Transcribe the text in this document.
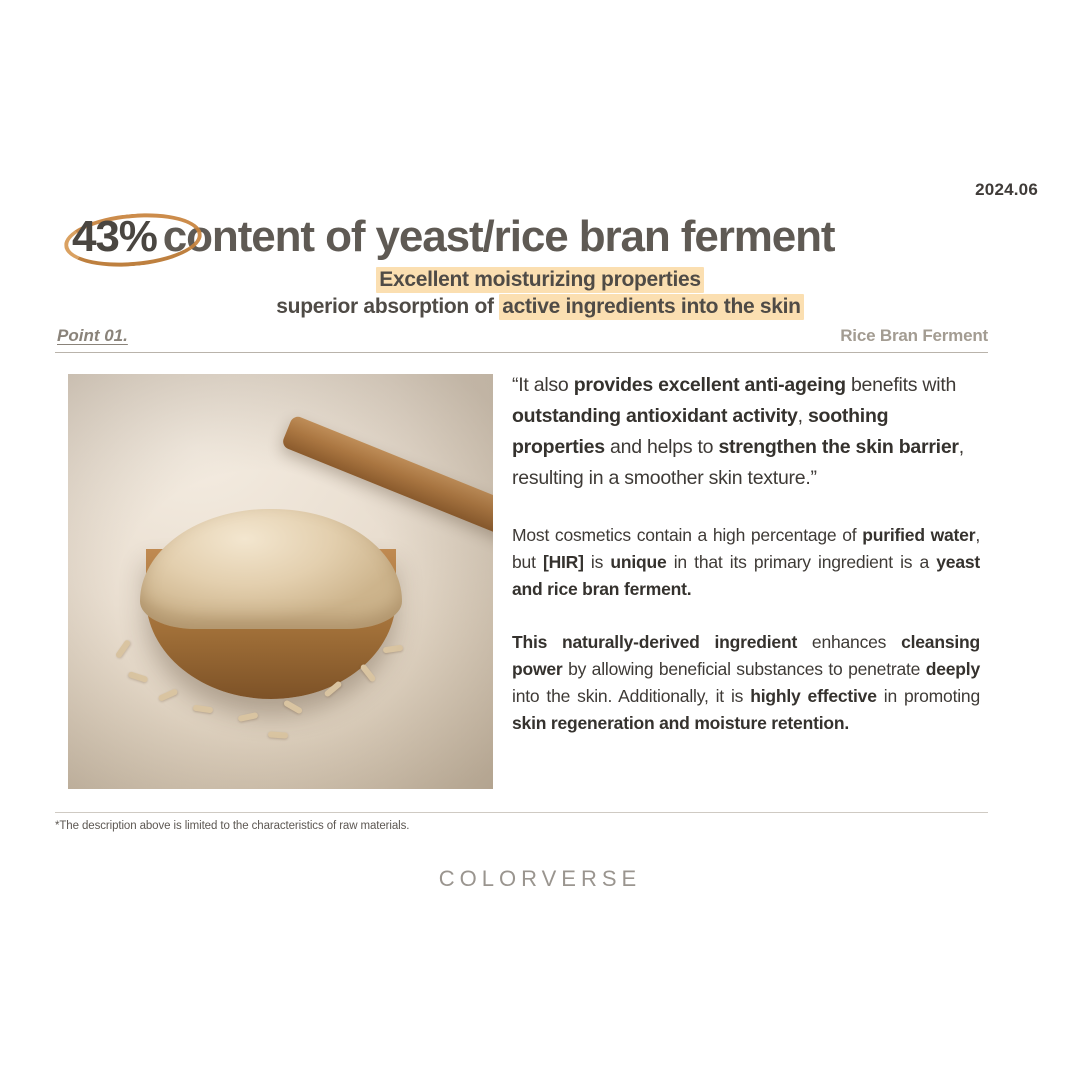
2024.06
43% content of yeast/rice bran ferment
Excellent moisturizing properties
superior absorption of active ingredients into the skin
Point 01.	Rice Bran Ferment

“It also provides excellent anti-ageing benefits with outstanding antioxidant activity, soothing properties and helps to strengthen the skin barrier, resulting in a smoother skin texture.”

Most cosmetics contain a high percentage of purified water, but [HIR] is unique in that its primary ingredient is a yeast and rice bran ferment.

This naturally-derived ingredient enhances cleansing power by allowing beneficial substances to penetrate deeply into the skin. Additionally, it is highly effective in promoting skin regeneration and moisture retention.

*The description above is limited to the characteristics of raw materials.
COLORVERSE
